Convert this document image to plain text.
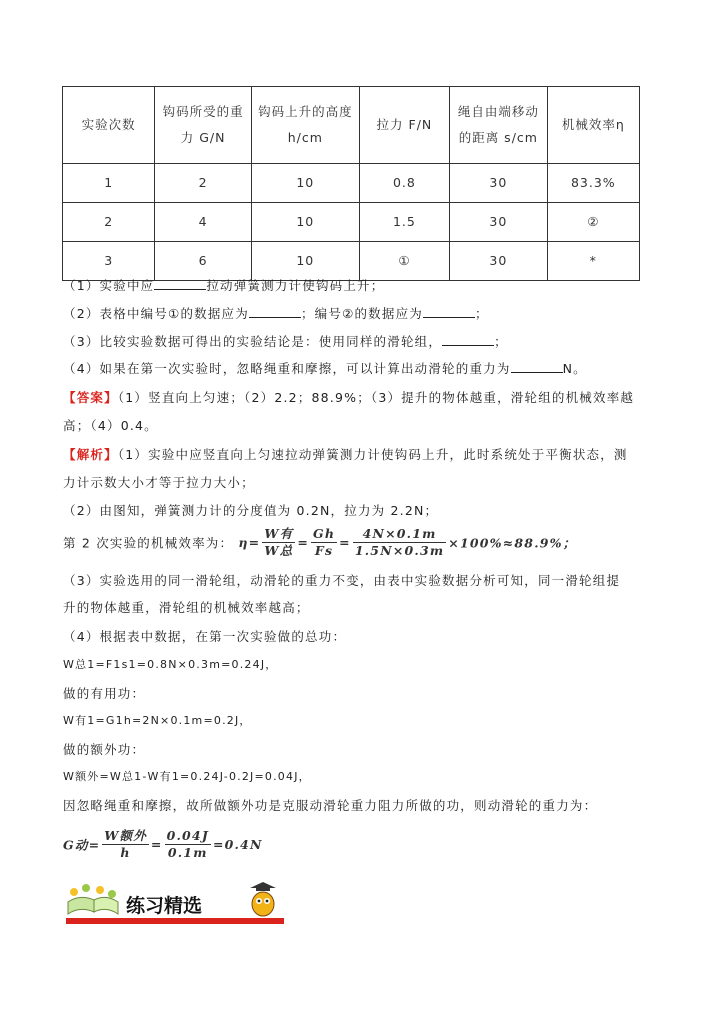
实验次数	钩码所受的重力 G/N	钩码上升的高度 h/cm	拉力 F/N	绳自由端移动的距离 s/cm	机械效率η
1	2	10	0.8	30	83.3%
2	4	10	1.5	30	②
3	6	10	①	30	*
（1）实验中应	拉动弹簧测力计使钩码上升；
（2）表格中编号①的数据应为	；编号②的数据应为	；
（3）比较实验数据可得出的实验结论是：使用同样的滑轮组，	；
（4）如果在第一次实验时，忽略绳重和摩擦，可以计算出动滑轮的重力为	N。
【答案】（1）竖直向上匀速；（2）2.2；88.9%；（3）提升的物体越重，滑轮组的机械效率越
高；（4）0.4。
【解析】（1）实验中应竖直向上匀速拉动弹簧测力计使钩码上升，此时系统处于平衡状态，测
力计示数大小才等于拉力大小；
（2）由图知，弹簧测力计的分度值为 0.2N，拉力为 2.2N；
第 2 次实验的机械效率为： $\eta= \frac{\text{W有}}{\text{W总}} = \frac{Gh}{Fs} = \frac{4N\times 0.1m}{1.5N\times 0.3m} \times 100\%\approx 88.9\%$；
（3）实验选用的同一滑轮组，动滑轮的重力不变，由表中实验数据分析可知，同一滑轮组提
升的物体越重，滑轮组的机械效率越高；
（4）根据表中数据，在第一次实验做的总功：
W总1=F1s1=0.8N×0.3m=0.24J，
做的有用功：
W有1=G1h=2N×0.1m=0.2J，
做的额外功：
W额外=W总1-W有1=0.24J-0.2J=0.04J，
因忽略绳重和摩擦，故所做额外功是克服动滑轮重力阻力所做的功，则动滑轮的重力为：
G动= $\frac{\text{W额外}}{h} = \frac{0.04J}{0.1m} =0.4N$
练习精选
